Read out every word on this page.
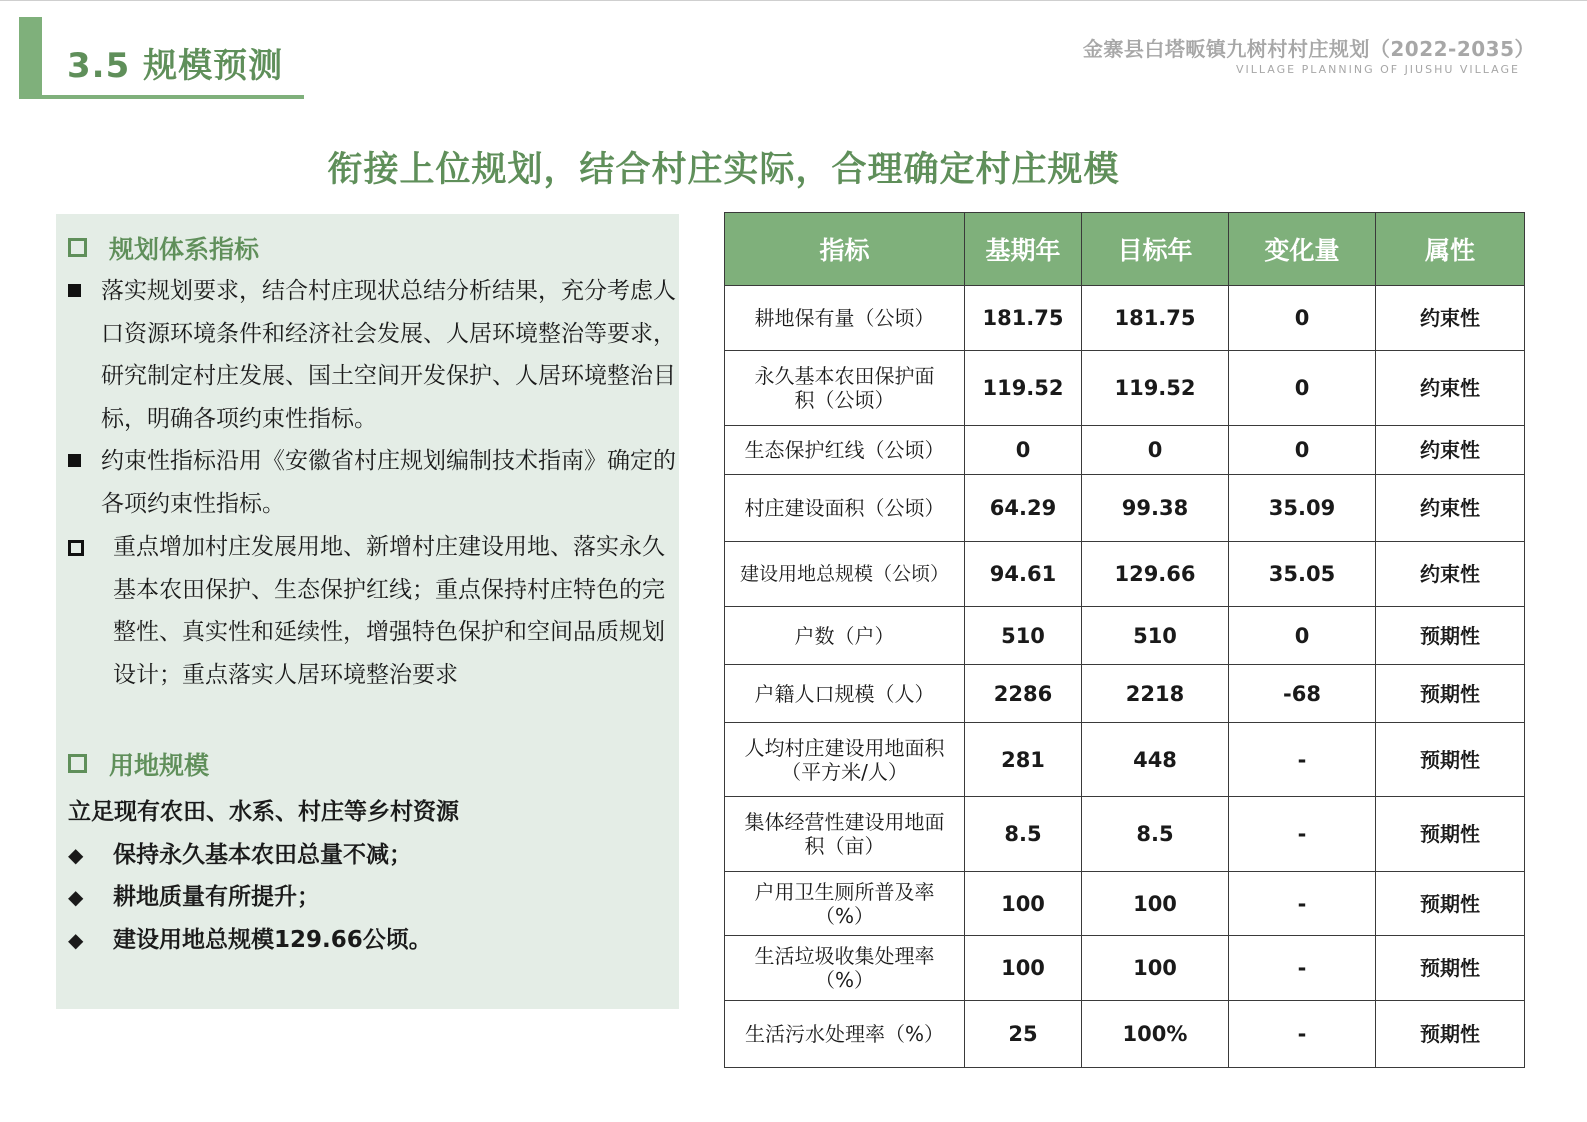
3.5 规模预测	金寨县白塔畈镇九树村村庄规划（2022-2035）
VILLAGE PLANNING OF JIUSHU VILLAGE
衔接上位规划，结合村庄实际，合理确定村庄规模
规划体系指标
落实规划要求，结合村庄现状总结分析结果，充分考虑人口资源环境条件和经济社会发展、人居环境整治等要求，研究制定村庄发展、国土空间开发保护、人居环境整治目标，明确各项约束性指标。
约束性指标沿用《安徽省村庄规划编制技术指南》确定的各项约束性指标。
重点增加村庄发展用地、新增村庄建设用地、落实永久基本农田保护、生态保护红线；重点保持村庄特色的完整性、真实性和延续性，增强特色保护和空间品质规划设计；重点落实人居环境整治要求
用地规模
立足现有农田、水系、村庄等乡村资源
◆ 保持永久基本农田总量不减；
◆ 耕地质量有所提升；
◆ 建设用地总规模129.66公顷。
指标	基期年	目标年	变化量	属性
耕地保有量（公顷）	181.75	181.75	0	约束性
永久基本农田保护面积（公顷）	119.52	119.52	0	约束性
生态保护红线（公顷）	0	0	0	约束性
村庄建设面积（公顷）	64.29	99.38	35.09	约束性
建设用地总规模（公顷）	94.61	129.66	35.05	约束性
户数（户）	510	510	0	预期性
户籍人口规模（人）	2286	2218	-68	预期性
人均村庄建设用地面积（平方米/人）	281	448	-	预期性
集体经营性建设用地面积（亩）	8.5	8.5	-	预期性
户用卫生厕所普及率（%）	100	100	-	预期性
生活垃圾收集处理率（%）	100	100	-	预期性
生活污水处理率（%）	25	100%	-	预期性
